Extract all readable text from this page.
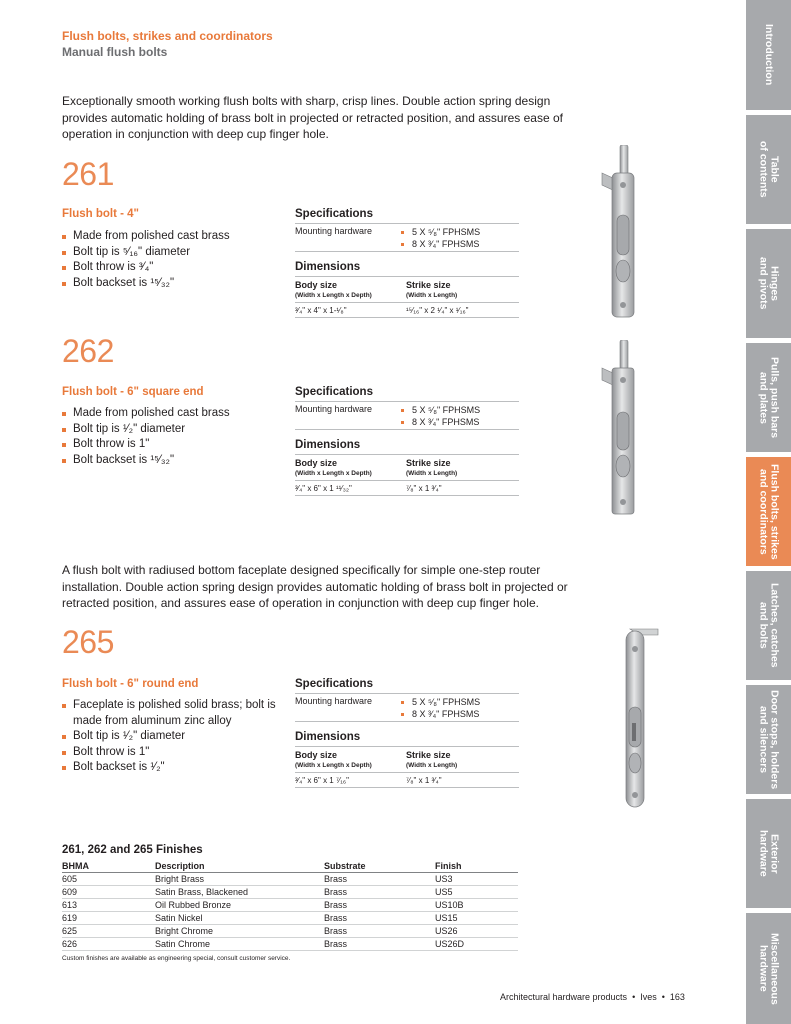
Flush bolts, strikes and coordinators
Manual flush bolts
Exceptionally smooth working flush bolts with sharp, crisp lines. Double action spring design provides automatic holding of brass bolt in projected or retracted position, and assures ease of operation in conjunction with deep cup finger hole.
261
Flush bolt - 4"
Made from polished cast brass
Bolt tip is ⁵⁄₁₆" diameter
Bolt throw is ³⁄₄"
Bolt backset is ¹⁵⁄₃₂"
Specifications
Mounting hardware	5 X ⁵⁄₈" FPHSMS
8 X ³⁄₄" FPHSMS
Dimensions
Body size	Strike size
(Width x Length x Depth)	(Width x Length)
³⁄₄" x 4" x 1-¹⁄₈"	¹⁵⁄₁₆" x 2 ¹⁄₄" x ¹⁄₁₆"
262
Flush bolt - 6" square end
Made from polished cast brass
Bolt tip is ¹⁄₂" diameter
Bolt throw is 1"
Bolt backset is ¹⁵⁄₃₂"
Specifications
Mounting hardware	5 X ⁵⁄₈" FPHSMS
8 X ³⁄₄" FPHSMS
Dimensions
Body size	Strike size
(Width x Length x Depth)	(Width x Length)
³⁄₄" x 6" x 1 ¹¹⁄₃₂"	⁷⁄₈" x 1 ³⁄₄"
A flush bolt with radiused bottom faceplate designed specifically for simple one-step router installation. Double action spring design provides automatic holding of brass bolt in projected or retracted position, and assures ease of operation in conjunction with deep cup finger hole.
265
Flush bolt - 6" round end
Faceplate is polished solid brass; bolt is made from aluminum zinc alloy
Bolt tip is ¹⁄₂" diameter
Bolt throw is 1"
Bolt backset is ¹⁄₂"
Specifications
Mounting hardware	5 X ⁵⁄₈" FPHSMS
8 X ³⁄₄" FPHSMS
Dimensions
Body size	Strike size
(Width x Length x Depth)	(Width x Length)
³⁄₄" x 6" x 1 ⁷⁄₁₆"	⁷⁄₈" x 1 ³⁄₄"
261, 262 and 265 Finishes
BHMA	Description	Substrate	Finish
605	Bright Brass	Brass	US3
609	Satin Brass, Blackened	Brass	US5
613	Oil Rubbed Bronze	Brass	US10B
619	Satin Nickel	Brass	US15
625	Bright Chrome	Brass	US26
626	Satin Chrome	Brass	US26D
Custom finishes are available as engineering special, consult customer service.
Architectural hardware products  •  Ives  •  163
Introduction
Table
of contents
Hinges
and pivots
Pulls, push bars
and plates
Flush bolts, strikes
and coordinators
Latches, catches
and bolts
Door stops, holders
and silencers
Exterior
hardware
Miscellaneous
hardware
